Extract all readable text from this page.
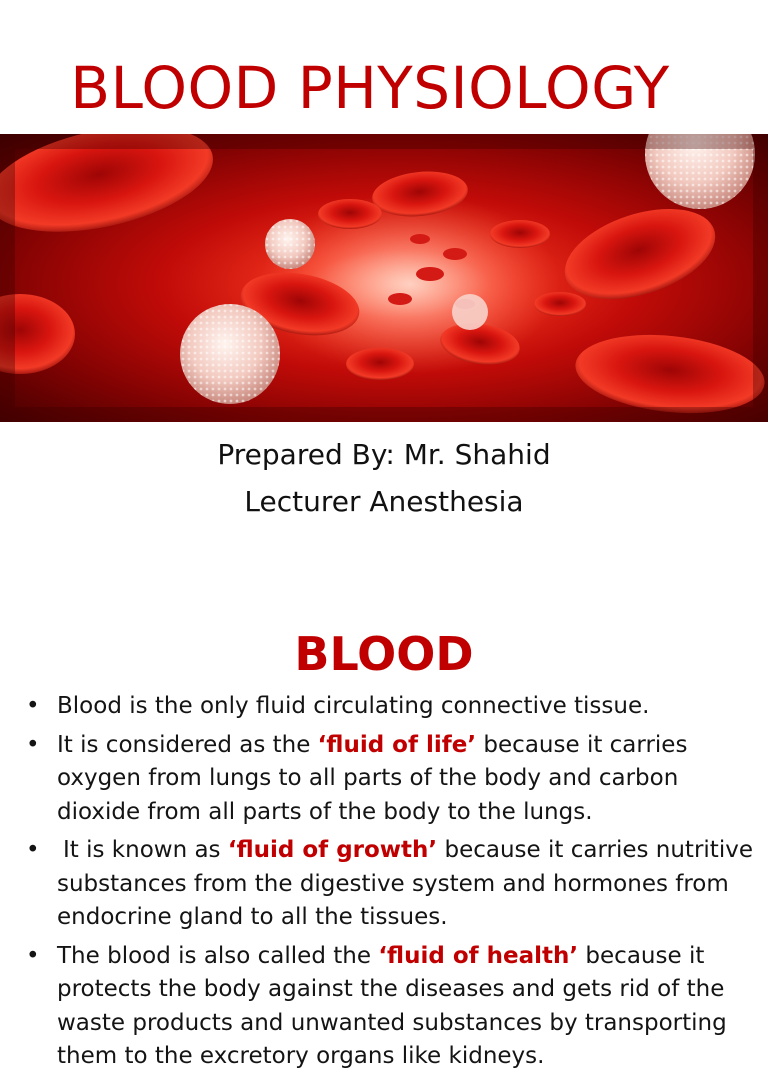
BLOOD PHYSIOLOGY
Prepared By: Mr. Shahid
Lecturer Anesthesia
BLOOD
• Blood is the only fluid circulating connective tissue.
• It is considered as the ‘fluid of life’ because it carries oxygen from lungs to all parts of the body and carbon dioxide from all parts of the body to the lungs.
• It is known as ‘fluid of growth’ because it carries nutritive substances from the digestive system and hormones from endocrine gland to all the tissues.
• The blood is also called the ‘fluid of health’ because it protects the body against the diseases and gets rid of the waste products and unwanted substances by transporting them to the excretory organs like kidneys.
